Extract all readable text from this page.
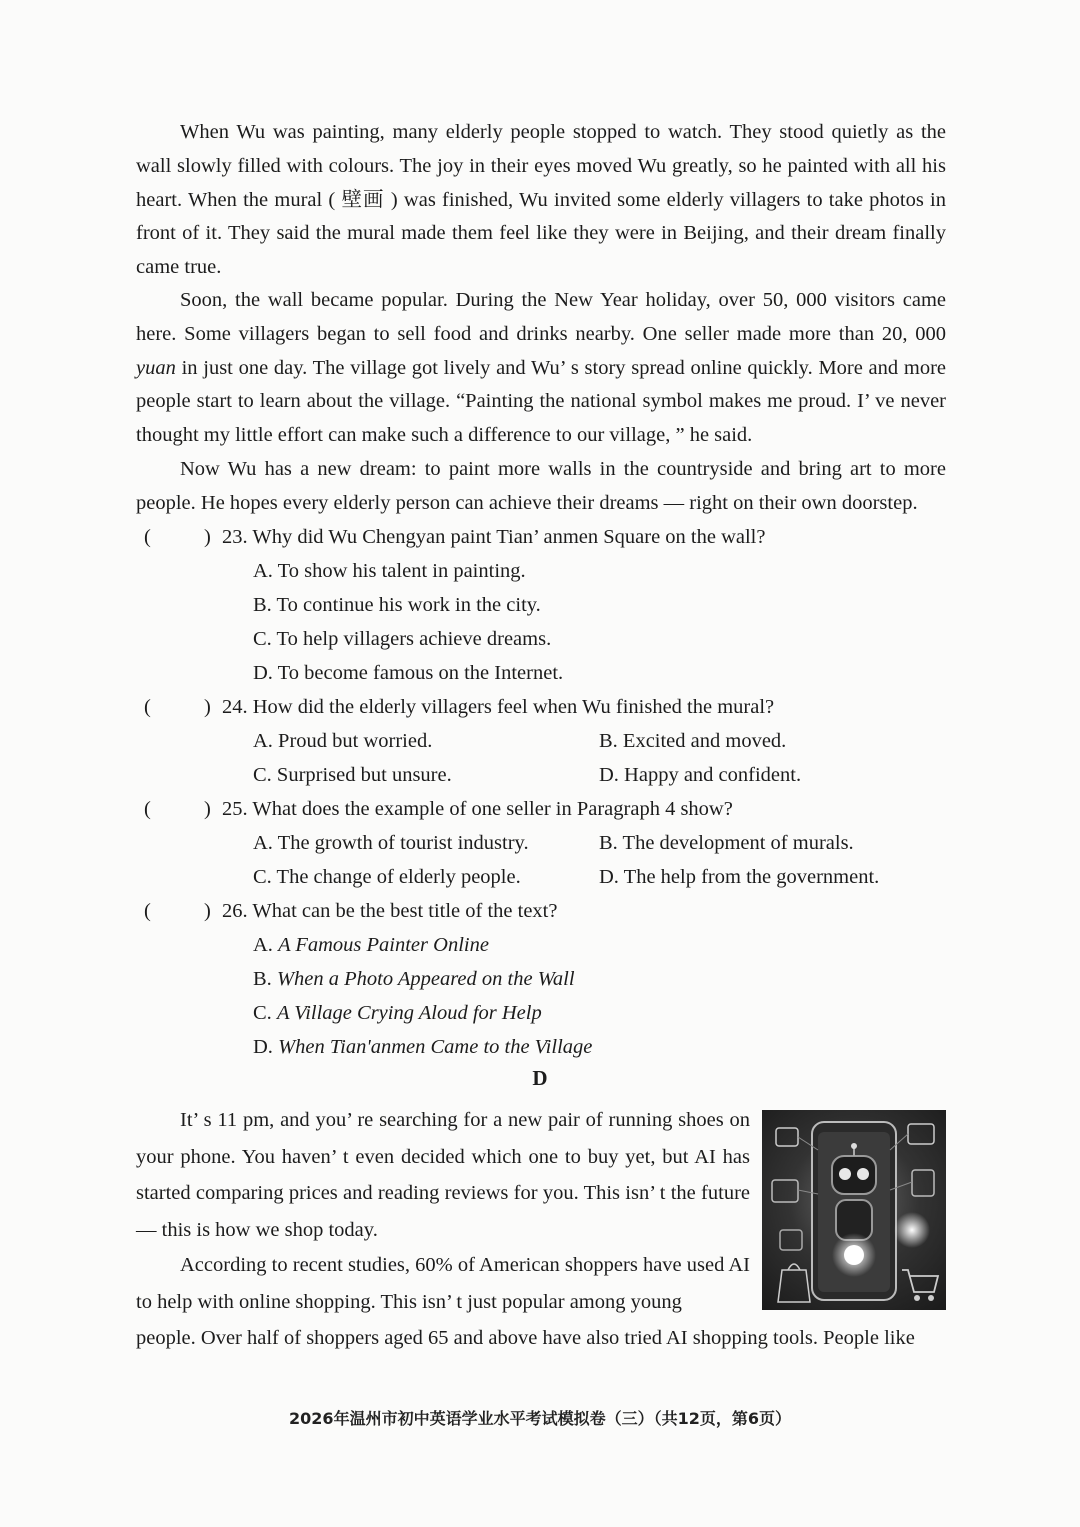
When Wu was painting, many elderly people stopped to watch. They stood quietly as the wall slowly filled with colours. The joy in their eyes moved Wu greatly, so he painted with all his heart. When the mural ( 壁画 ) was finished, Wu invited some elderly villagers to take photos in front of it. They said the mural made them feel like they were in Beijing, and their dream finally came true.

Soon, the wall became popular. During the New Year holiday, over 50, 000 visitors came here. Some villagers began to sell food and drinks nearby. One seller made more than 20, 000 yuan in just one day. The village got lively and Wu’ s story spread online quickly. More and more people start to learn about the village. “Painting the national symbol makes me proud. I’ ve never thought my little effort can make such a difference to our village, ” he said.

Now Wu has a new dream: to paint more walls in the countryside and bring art to more people. He hopes every elderly person can achieve their dreams — right on their own doorstep.

(	) 23. Why did Wu Chengyan paint Tian’ anmen Square on the wall?
A. To show his talent in painting.
B. To continue his work in the city.
C. To help villagers achieve dreams.
D. To become famous on the Internet.
(	) 24. How did the elderly villagers feel when Wu finished the mural?
A. Proud but worried.	B. Excited and moved.
C. Surprised but unsure.	D. Happy and confident.
(	) 25. What does the example of one seller in Paragraph 4 show?
A. The growth of tourist industry.	B. The development of murals.
C. The change of elderly people.	D. The help from the government.
(	) 26. What can be the best title of the text?
A. A Famous Painter Online
B. When a Photo Appeared on the Wall
C. A Village Crying Aloud for Help
D. When Tian'anmen Came to the Village
D

It’ s 11 pm, and you’ re searching for a new pair of running shoes on your phone. You haven’ t even decided which one to buy yet, but AI has started comparing prices and reading reviews for you. This isn’ t the future — this is how we shop today.

According to recent studies, 60% of American shoppers have used AI to help with online shopping. This isn’ t just popular among young

people. Over half of shoppers aged 65 and above have also tried AI shopping tools. People like

2026年温州市初中英语学业水平考试模拟卷（三）（共12页，第6页）
